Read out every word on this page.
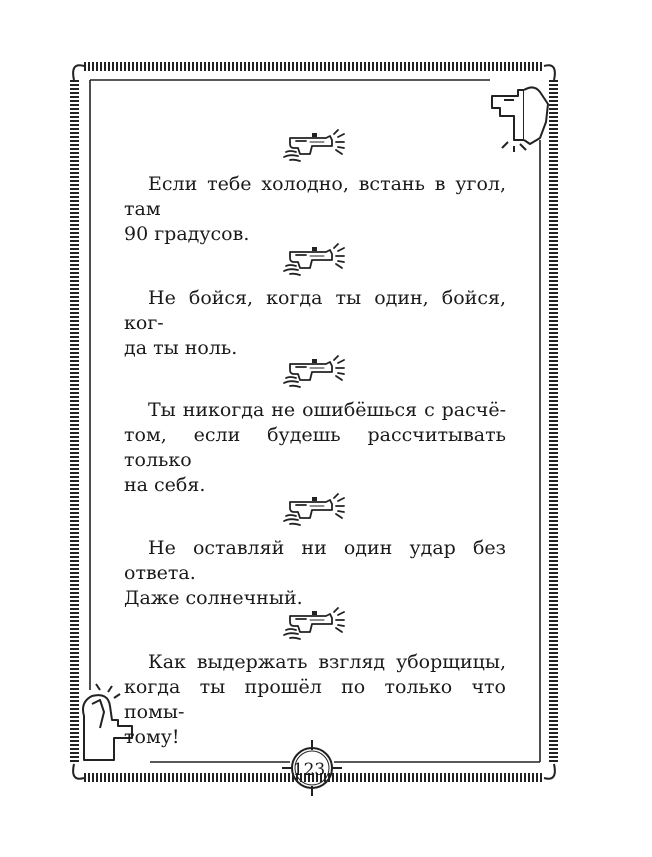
Если тебе холодно, встань в угол, там
90 градусов.

Не бойся, когда ты один, бойся, ког-
да ты ноль.

Ты никогда не ошибёшься с расчё-
том, если будешь рассчитывать только
на себя.

Не оставляй ни один удар без ответа.
Даже солнечный.

Как выдержать взгляд уборщицы,
когда ты прошёл по только что помы-
тому!

123
